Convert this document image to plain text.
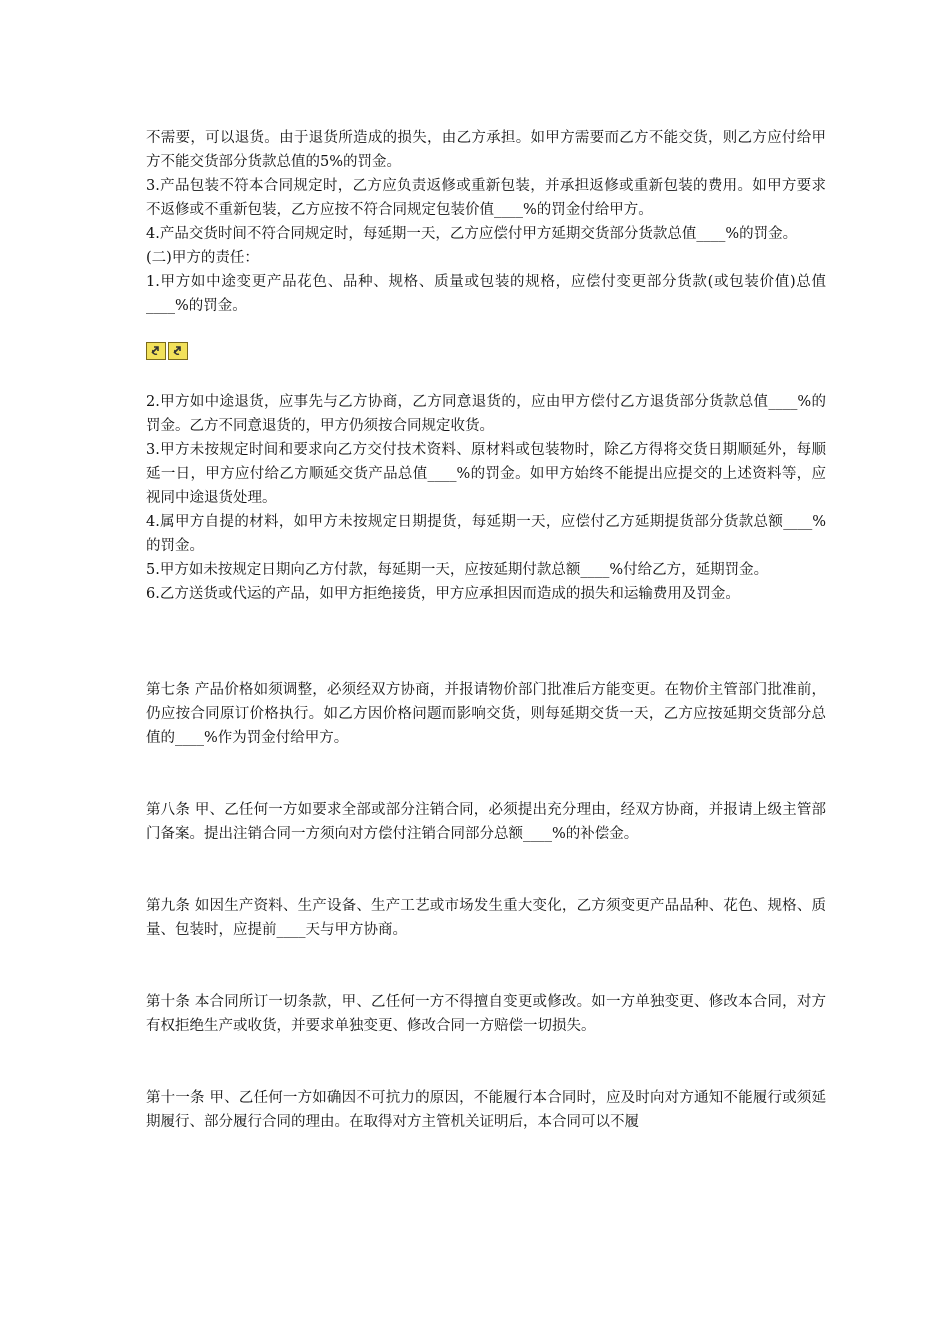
不需要，可以退货。由于退货所造成的损失，由乙方承担。如甲方需要而乙方不能交货，则乙方应付给甲方不能交货部分货款总值的5%的罚金。

3.产品包装不符本合同规定时，乙方应负责返修或重新包装，并承担返修或重新包装的费用。如甲方要求不返修或不重新包装，乙方应按不符合同规定包装价值____%的罚金付给甲方。

4.产品交货时间不符合同规定时，每延期一天，乙方应偿付甲方延期交货部分货款总值____%的罚金。

(二)甲方的责任：

1.甲方如中途变更产品花色、品种、规格、质量或包装的规格，应偿付变更部分货款(或包装价值)总值____%的罚金。

2.甲方如中途退货，应事先与乙方协商，乙方同意退货的，应由甲方偿付乙方退货部分货款总值____%的罚金。乙方不同意退货的，甲方仍须按合同规定收货。

3.甲方未按规定时间和要求向乙方交付技术资料、原材料或包装物时，除乙方得将交货日期顺延外，每顺延一日，甲方应付给乙方顺延交货产品总值____%的罚金。如甲方始终不能提出应提交的上述资料等，应视同中途退货处理。

4.属甲方自提的材料，如甲方未按规定日期提货，每延期一天，应偿付乙方延期提货部分货款总额____%的罚金。

5.甲方如未按规定日期向乙方付款，每延期一天，应按延期付款总额____%付给乙方，延期罚金。

6.乙方送货或代运的产品，如甲方拒绝接货，甲方应承担因而造成的损失和运输费用及罚金。

第七条 产品价格如须调整，必须经双方协商，并报请物价部门批准后方能变更。在物价主管部门批准前，仍应按合同原订价格执行。如乙方因价格问题而影响交货，则每延期交货一天，乙方应按延期交货部分总值的____%作为罚金付给甲方。

第八条 甲、乙任何一方如要求全部或部分注销合同，必须提出充分理由，经双方协商，并报请上级主管部门备案。提出注销合同一方须向对方偿付注销合同部分总额____%的补偿金。

第九条 如因生产资料、生产设备、生产工艺或市场发生重大变化，乙方须变更产品品种、花色、规格、质量、包装时，应提前____天与甲方协商。

第十条 本合同所订一切条款，甲、乙任何一方不得擅自变更或修改。如一方单独变更、修改本合同，对方有权拒绝生产或收货，并要求单独变更、修改合同一方赔偿一切损失。

第十一条 甲、乙任何一方如确因不可抗力的原因，不能履行本合同时，应及时向对方通知不能履行或须延期履行、部分履行合同的理由。在取得对方主管机关证明后，本合同可以不履
